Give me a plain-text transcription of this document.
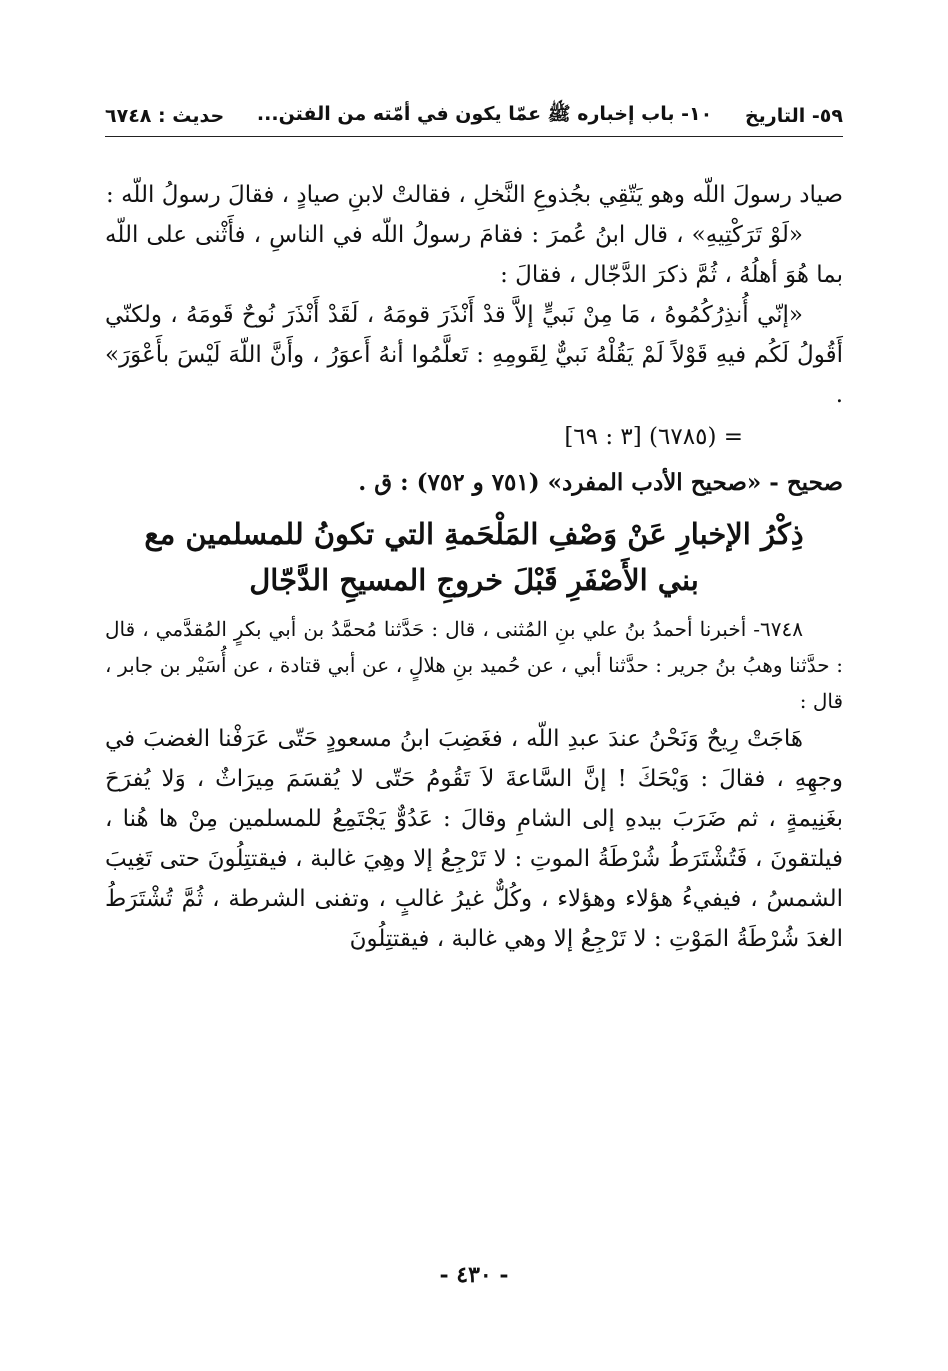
٥٩- التاريخ
١٠- باب إخباره ﷺ عمّا يكون في أمّته من الفتن...
حديث : ٦٧٤٨

صياد رسولَ اللّه وهو يَتّقِي بجُذوعِ النَّخلِ ، فقالتْ لابنِ صيادٍ ، فقالَ رسولُ اللّه :

«لَوْ تَرَكْتِيهِ» ، قال ابنُ عُمرَ : فقامَ رسولُ اللّه في الناسِ ، فأَثْنى على اللّه بما هُوَ أهلُهُ ، ثُمَّ ذكرَ الدَّجّال ، فقالَ :

«إنّي أُنذِرُكُمُوهُ ، مَا مِنْ نَبيٍّ إلاَّ قدْ أَنْذَرَ قومَهُ ، لَقَدْ أَنْذَرَ نُوحٌ قَومَهُ ، ولكنّي أَقُولُ لَكُم فيهِ قَوْلاً لَمْ يَقُلْهُ نَبيٌّ لِقَومِهِ : تَعلَّمُوا أنهُ أَعوَرُ ، وأَنَّ اللّهَ لَيْسَ بأَعْوَرَ» .

= (٦٧٨٥) [٣ : ٦٩]

صحيح - «صحيح الأدب المفرد» (٧٥١ و ٧٥٢) : ق .

ذِكْرُ الإخبارِ عَنْ وَصْفِ المَلْحَمةِ التي تكونُ للمسلمين مع
بني الأَصْفَرِ قَبْلَ خروجِ المسيحِ الدَّجّال

٦٧٤٨- أخبرنا أحمدُ بنُ علي بنِ المُثنى ، قال : حَدَّثنا مُحمَّدُ بن أبي بكرٍ المُقدَّمي ، قال : حدَّثنا وهبُ بنُ جرير : حدَّثنا أبي ، عن حُميد بنِ هلالٍ ، عن أبي قتادة ، عن أُسَيْر بن جابر ، قال :

هَاجَتْ رِيحٌ وَنَحْنُ عندَ عبدِ اللّه ، فغَضِبَ ابنُ مسعودٍ حَتّى عَرَفْنا الغضبَ في وجهِهِ ، فقالَ : وَيْحَكَ ! إنَّ السَّاعةَ لاَ تَقُومُ حَتّى لا يُقسَمَ مِيرَاثٌ ، وَلا يُفرَحَ بغَنِيمةٍ ، ثم ضَرَبَ بيدهِ إلى الشامِ وقالَ : عَدُوٌّ يَجْتَمِعُ للمسلمين مِنْ ها هُنا ، فيلتقونَ ، فَتُشْتَرَطُ شُرْطَةُ الموتِ : لا تَرْجِعُ إلا وهِيَ غالبة ، فيقتتِلُونَ حتى تَغِيبَ الشمسُ ، فيفيءُ هؤلاء وهؤلاء ، وكُلٌّ غيرُ غالبٍ ، وتفنى الشرطة ، ثُمَّ تُشْتَرَطُ الغدَ شُرْطَةُ المَوْتِ : لا تَرْجِعُ إلا وهي غالبة ، فيقتتِلُونَ

- ٤٣٠ -
